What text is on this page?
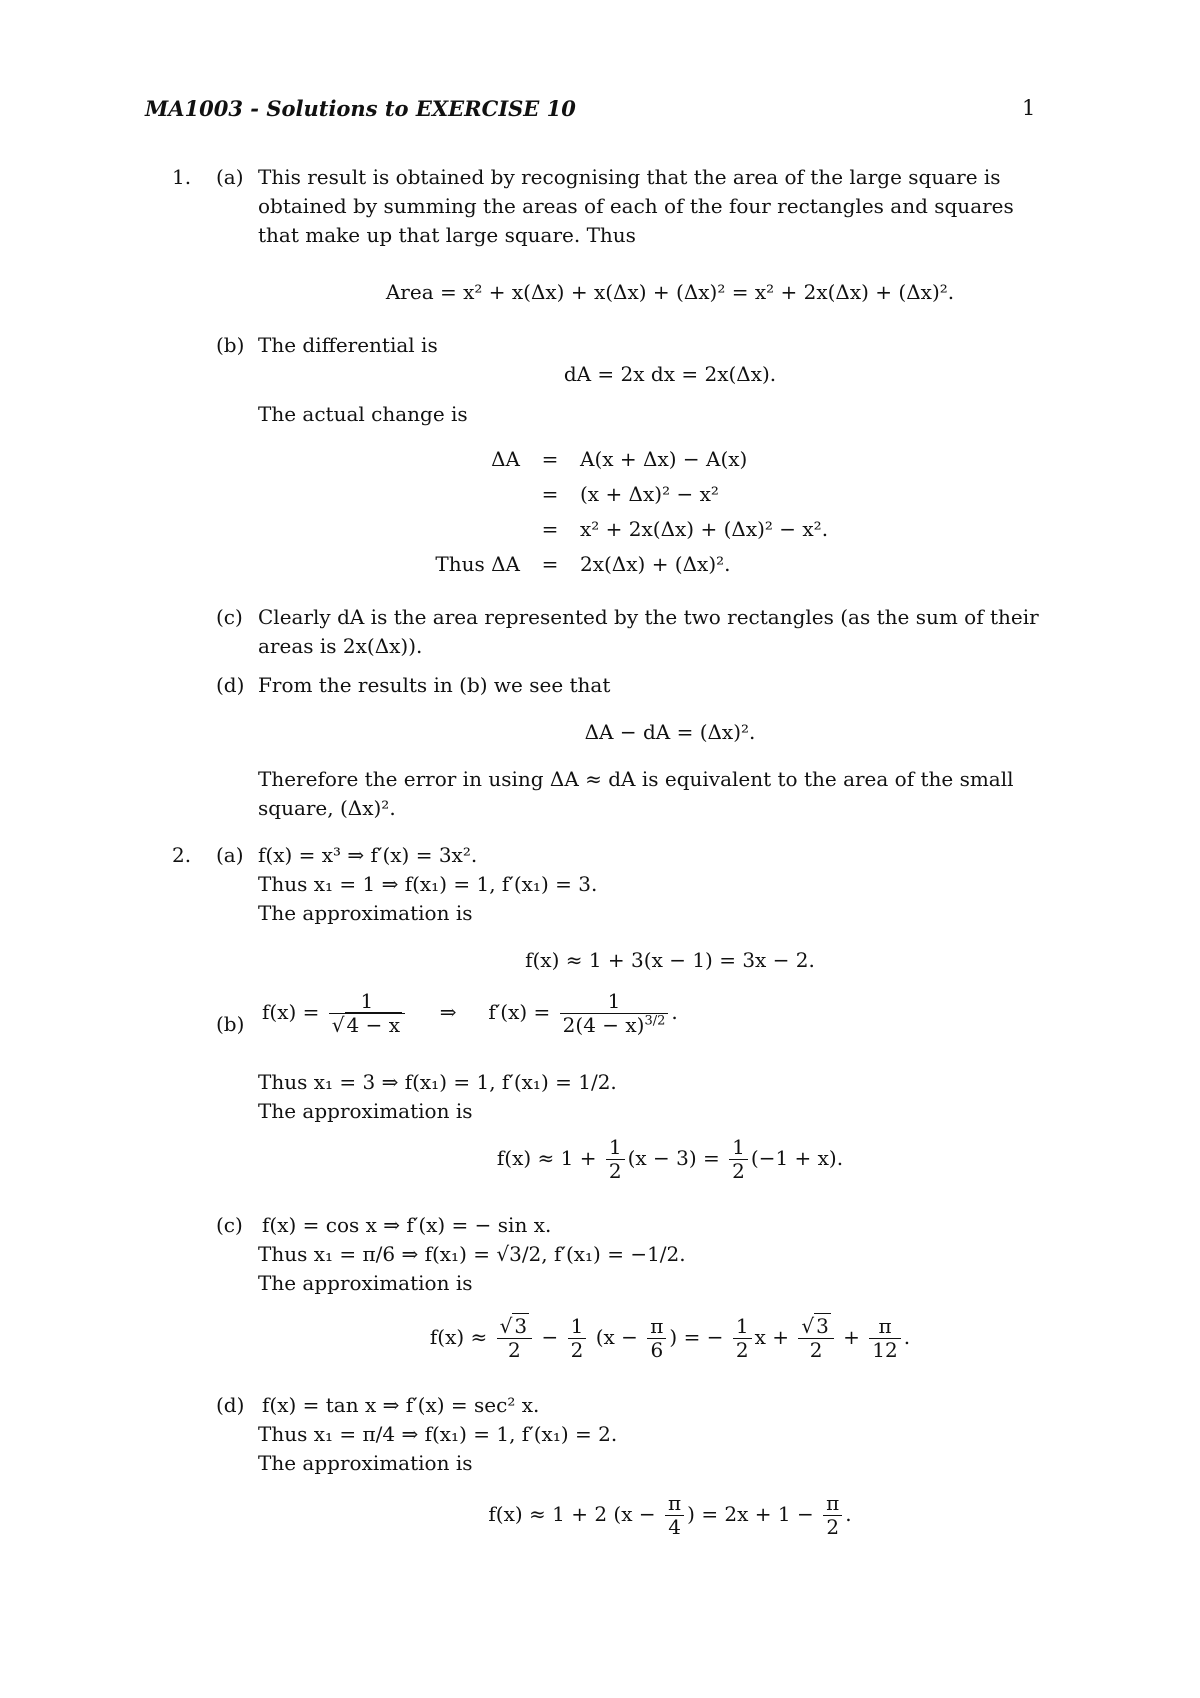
MA1003 - Solutions to EXERCISE 10	1
1. (a) This result is obtained by recognising that the area of the large square is
obtained by summing the areas of each of the four rectangles and squares
that make up that large square. Thus
Area = x² + x(Δx) + x(Δx) + (Δx)² = x² + 2x(Δx) + (Δx)².
(b) The differential is
dA = 2x dx = 2x(Δx).
The actual change is
ΔA = A(x + Δx) − A(x)
= (x + Δx)² − x²
= x² + 2x(Δx) + (Δx)² − x².
Thus ΔA = 2x(Δx) + (Δx)².
(c) Clearly dA is the area represented by the two rectangles (as the sum of their
areas is 2x(Δx)).
(d) From the results in (b) we see that
ΔA − dA = (Δx)².
Therefore the error in using ΔA ≈ dA is equivalent to the area of the small
square, (Δx)².
2. (a) f(x) = x³ ⇒ f′(x) = 3x².
Thus x₁ = 1 ⇒ f(x₁) = 1, f′(x₁) = 3.
The approximation is
f(x) ≈ 1 + 3(x − 1) = 3x − 2.
(b) $f(x) = \frac{1}{√ 4 - x}$ ⇒ $f'(x) = \frac{1}{2(4 - x)^{3/2}}$ .
Thus x₁ = 3 ⇒ f(x₁) = 1, f′(x₁) = 1/2.
The approximation is
$f(x) \approx 1 + \frac{1}{2} (x - 3) = \frac{1}{2} (-1 + x)$.
(c) f(x) = cos x ⇒ f′(x) = − sin x.
Thus x₁ = π/6 ⇒ f(x₁) = √3/2, f′(x₁) = −1/2.
The approximation is
$f(x) \approx \frac{√ 3}{2} - \frac{1}{2} (x - \frac{\pi}{6}$ ) = − $\frac{1}{2}$ $x + \frac{√ 3}{2} + \frac{\pi}{12}$ .
(d) f(x) = tan x ⇒ f′(x) = sec² x.
Thus x₁ = π/4 ⇒ f(x₁) = 1, f′(x₁) = 2.
The approximation is
f(x) ≈ 1 + 2 ($x - \frac{\pi}{4}$ ) = $2x + 1 - \frac{\pi}{2}$ .
